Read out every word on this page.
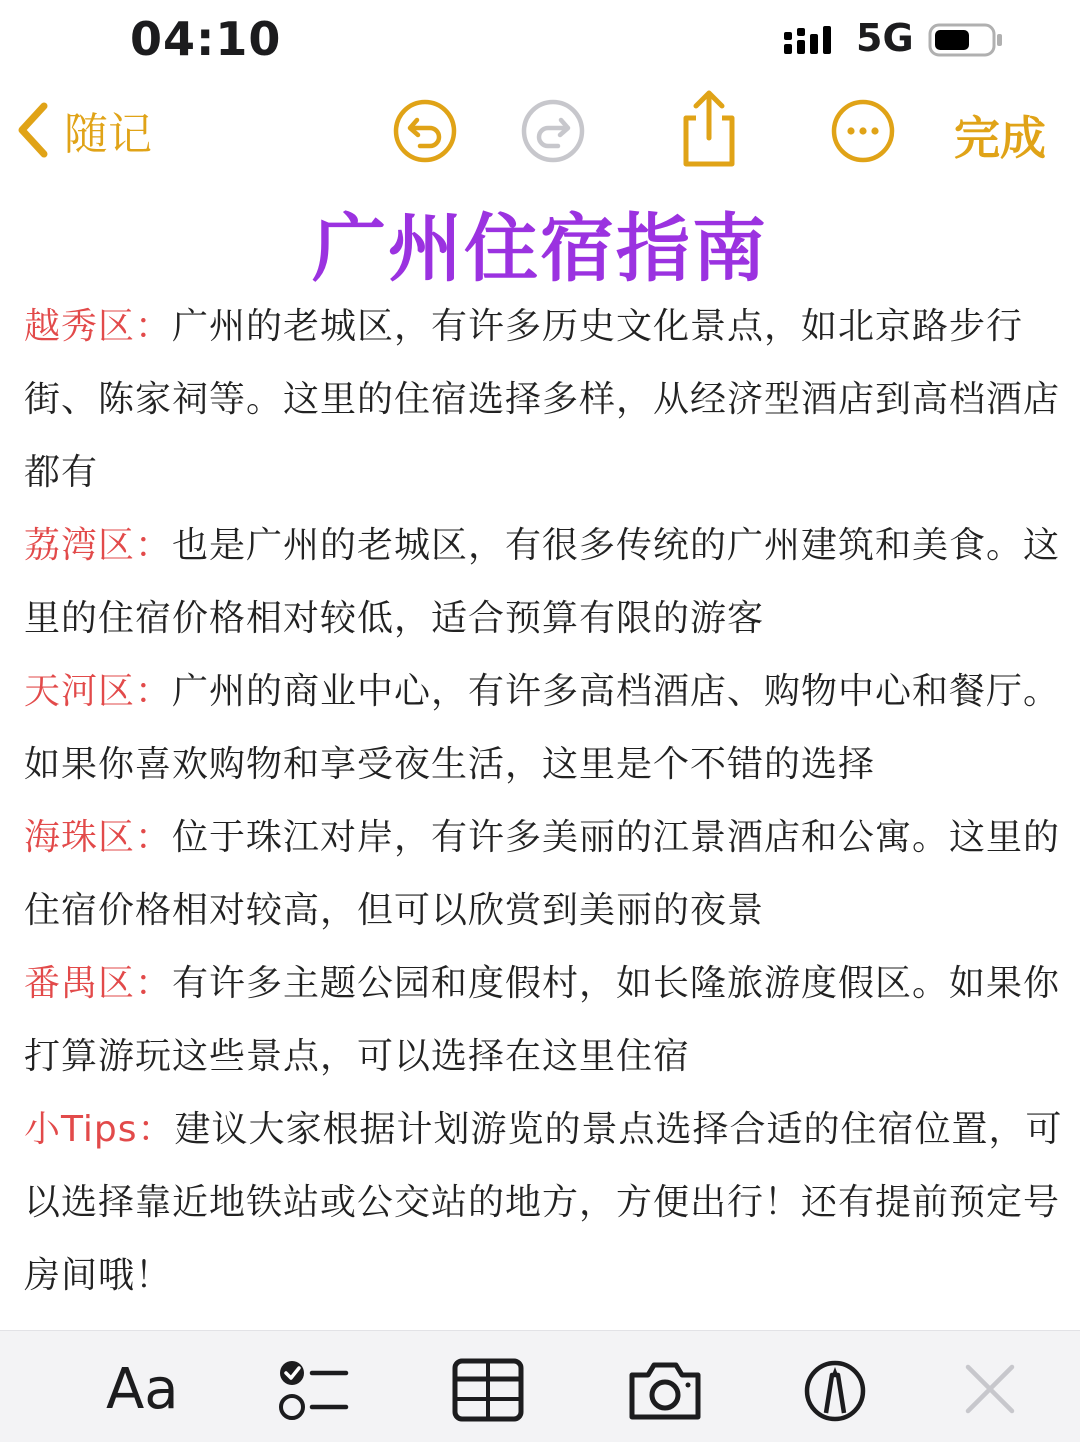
04:10	5G
随记	完成
广州住宿指南

越秀区：广州的老城区，有许多历史文化景点，如北京路步行街、陈家祠等。这里的住宿选择多样，从经济型酒店到高档酒店都有

荔湾区：也是广州的老城区，有很多传统的广州建筑和美食。这里的住宿价格相对较低，适合预算有限的游客

天河区：广州的商业中心，有许多高档酒店、购物中心和餐厅。如果你喜欢购物和享受夜生活，这里是个不错的选择

海珠区：位于珠江对岸，有许多美丽的江景酒店和公寓。这里的住宿价格相对较高，但可以欣赏到美丽的夜景

番禺区：有许多主题公园和度假村，如长隆旅游度假区。如果你打算游玩这些景点，可以选择在这里住宿

小Tips：建议大家根据计划游览的景点选择合适的住宿位置，可以选择靠近地铁站或公交站的地方，方便出行！还有提前预定号房间哦！

Aa
